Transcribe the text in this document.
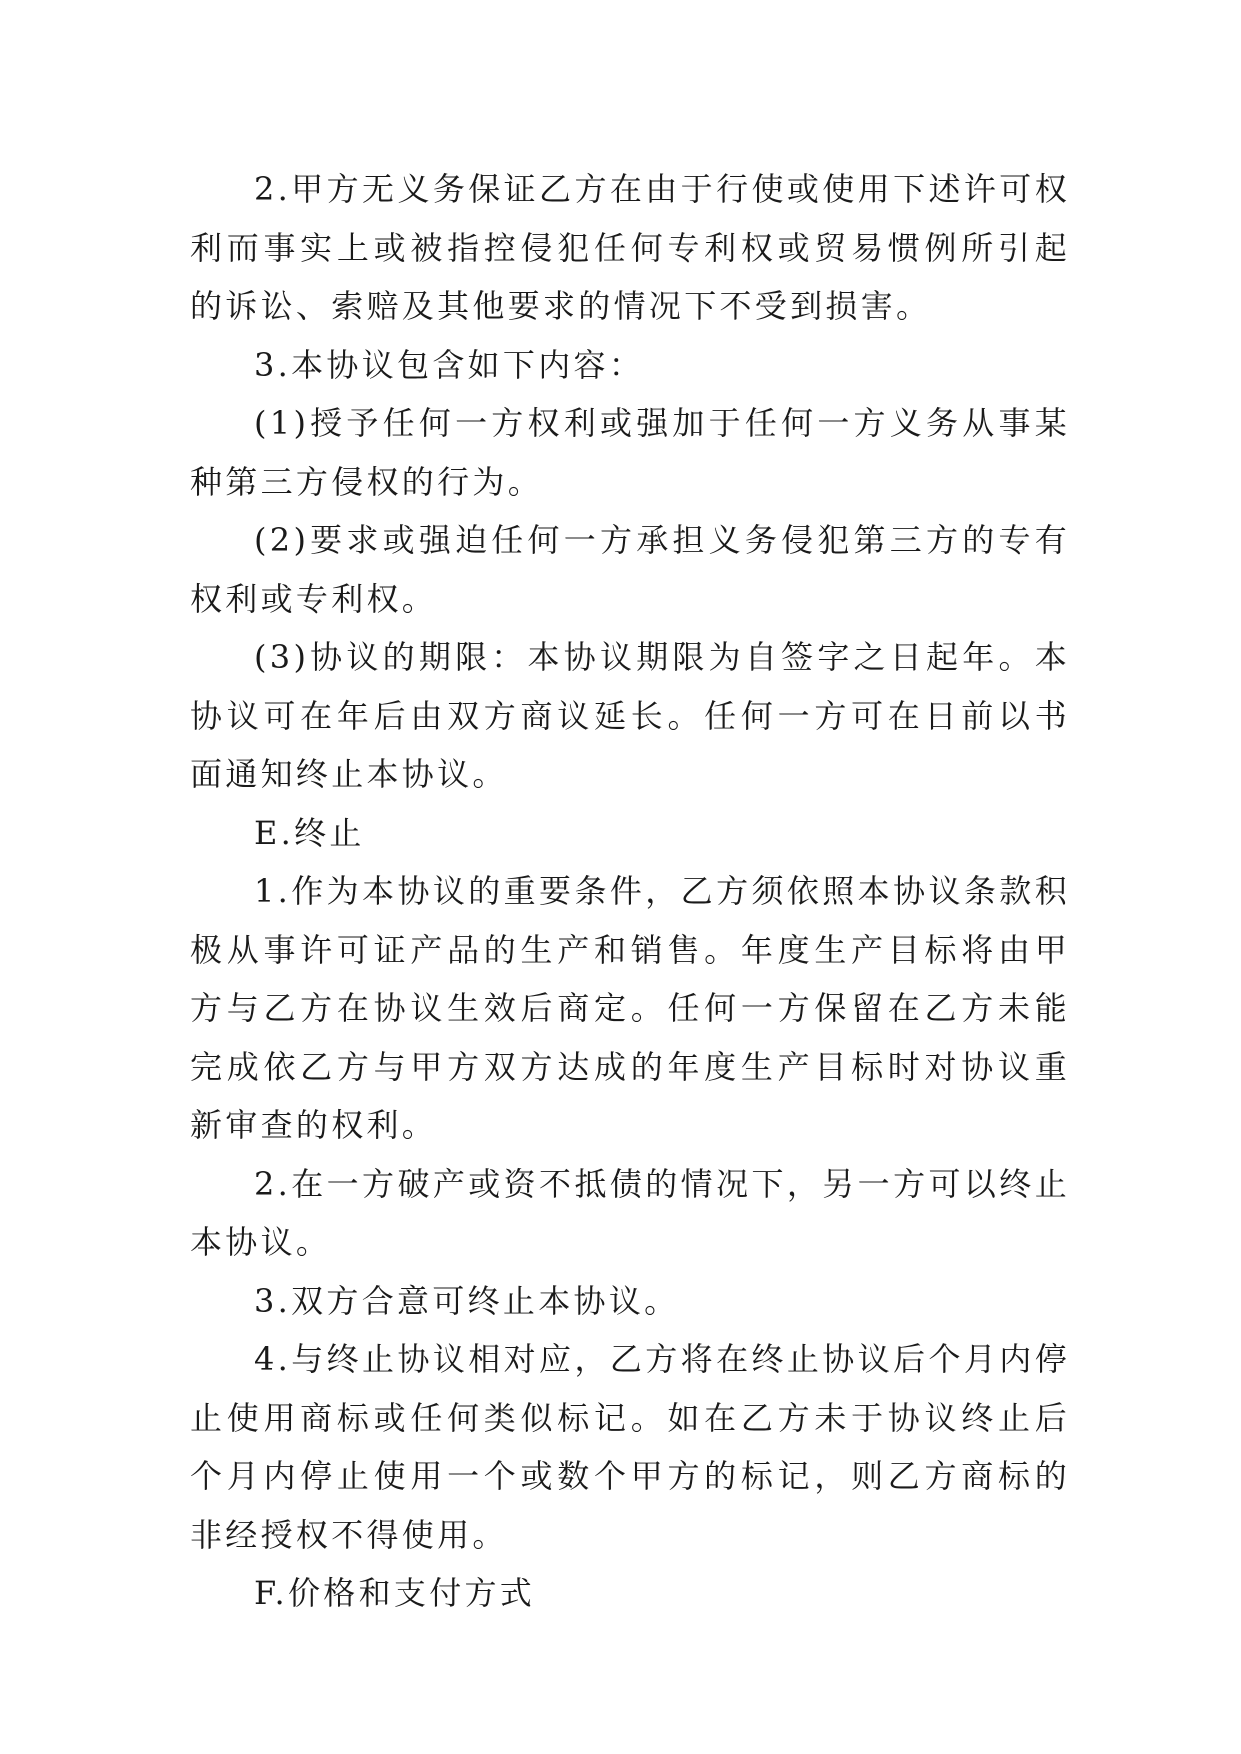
2.甲方无义务保证乙方在由于行使或使用下述许可权利而事实上或被指控侵犯任何专利权或贸易惯例所引起的诉讼、索赔及其他要求的情况下不受到损害。

3.本协议包含如下内容：

(1)授予任何一方权利或强加于任何一方义务从事某种第三方侵权的行为。

(2)要求或强迫任何一方承担义务侵犯第三方的专有权利或专利权。

(3)协议的期限：本协议期限为自签字之日起年。本协议可在年后由双方商议延长。任何一方可在日前以书面通知终止本协议。

E.终止

1.作为本协议的重要条件，乙方须依照本协议条款积极从事许可证产品的生产和销售。年度生产目标将由甲方与乙方在协议生效后商定。任何一方保留在乙方未能完成依乙方与甲方双方达成的年度生产目标时对协议重新审查的权利。

2.在一方破产或资不抵债的情况下，另一方可以终止本协议。

3.双方合意可终止本协议。

4.与终止协议相对应，乙方将在终止协议后个月内停止使用商标或任何类似标记。如在乙方未于协议终止后个月内停止使用一个或数个甲方的标记，则乙方商标的非经授权不得使用。

F.价格和支付方式
